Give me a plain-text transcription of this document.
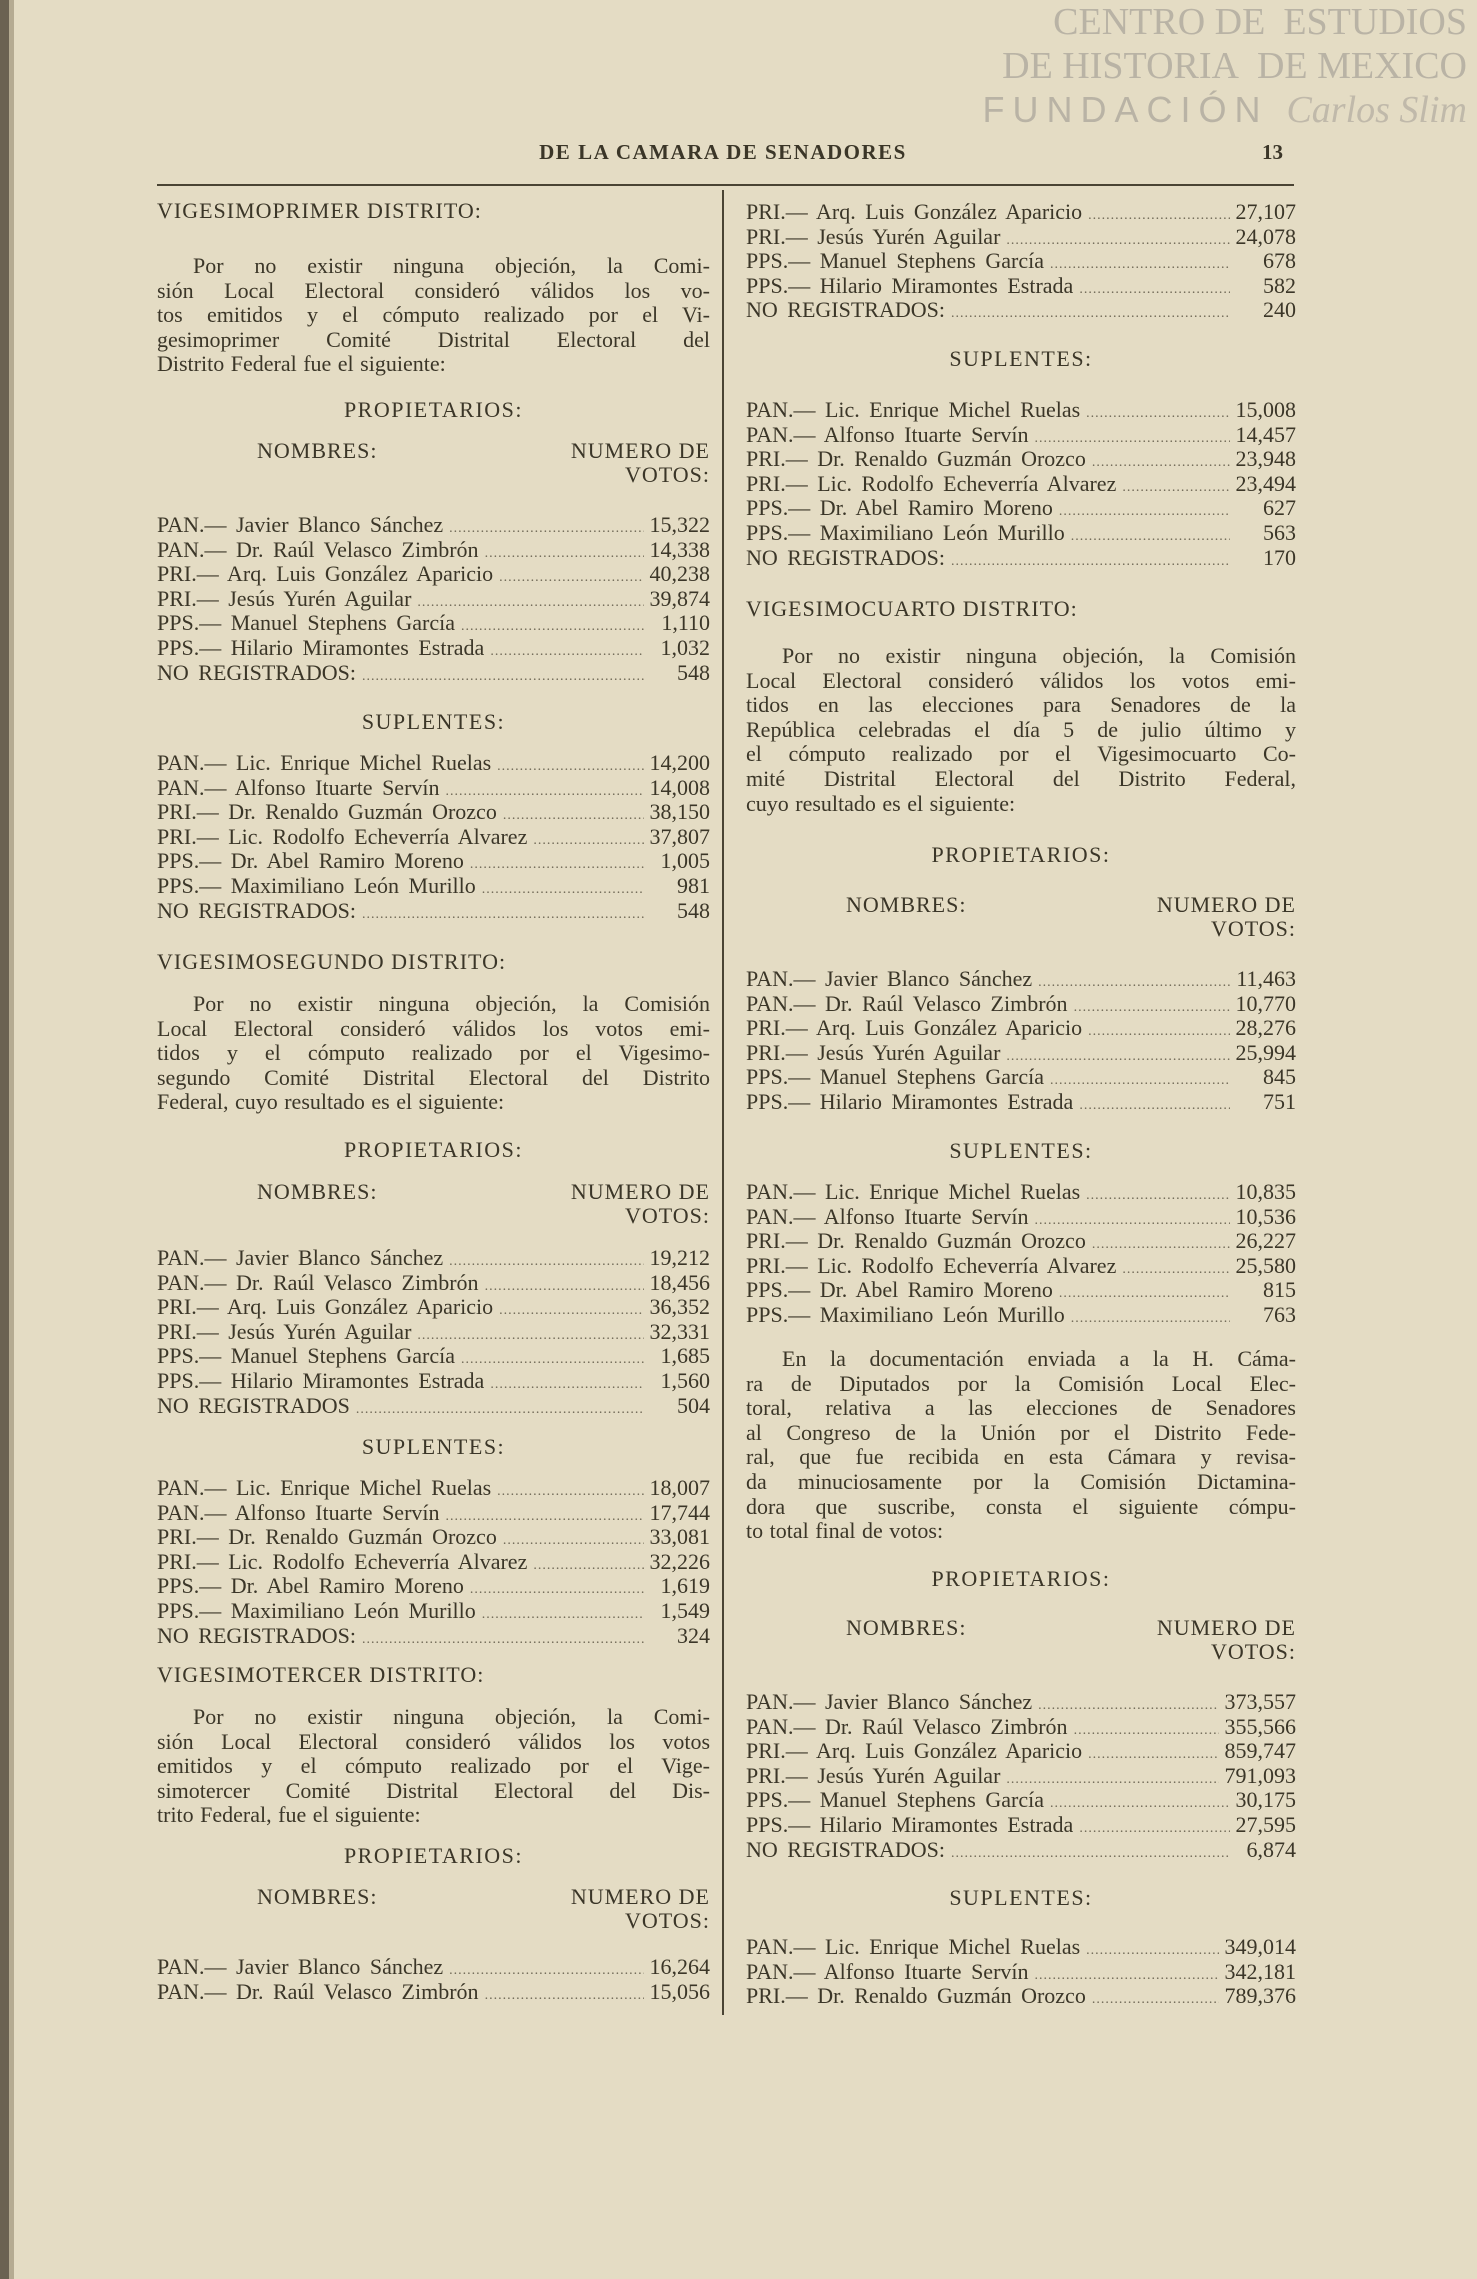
CENTRO DE ESTUDIOS
DE HISTORIA DE MEXICO
FUNDACIÓN Carlos Slim
DE LA CAMARA DE SENADORES	13
VIGESIMOPRIMER DISTRITO:
Por no existir ninguna objeción, la Comi-
sión Local Electoral consideró válidos los vo-
tos emitidos y el cómputo realizado por el Vi-
gesimoprimer Comité Distrital Electoral del
Distrito Federal fue el siguiente:
PROPIETARIOS:
NOMBRES:	NUMERO DE
VOTOS:
PAN.— Javier Blanco Sánchez .....	15,322
PAN.— Dr. Raúl Velasco Zimbrón .....	14,338
PRI.— Arq. Luis González Aparicio .....	40,238
PRI.— Jesús Yurén Aguilar .....	39,874
PPS.— Manuel Stephens García .....	1,110
PPS.— Hilario Miramontes Estrada .....	1,032
NO REGISTRADOS: .....	548
SUPLENTES:
PAN.— Lic. Enrique Michel Ruelas .....	14,200
PAN.— Alfonso Ituarte Servín .....	14,008
PRI.— Dr. Renaldo Guzmán Orozco .....	38,150
PRI.— Lic. Rodolfo Echeverría Alvarez .....	37,807
PPS.— Dr. Abel Ramiro Moreno .....	1,005
PPS.— Maximiliano León Murillo .....	981
NO REGISTRADOS: .....	548
VIGESIMOSEGUNDO DISTRITO:
Por no existir ninguna objeción, la Comisión
Local Electoral consideró válidos los votos emi-
tidos y el cómputo realizado por el Vigesimo-
segundo Comité Distrital Electoral del Distrito
Federal, cuyo resultado es el siguiente:
PROPIETARIOS:
NOMBRES:	NUMERO DE
VOTOS:
PAN.— Javier Blanco Sánchez .....	19,212
PAN.— Dr. Raúl Velasco Zimbrón .....	18,456
PRI.— Arq. Luis González Aparicio .....	36,352
PRI.— Jesús Yurén Aguilar .....	32,331
PPS.— Manuel Stephens García .....	1,685
PPS.— Hilario Miramontes Estrada .....	1,560
NO REGISTRADOS .....	504
SUPLENTES:
PAN.— Lic. Enrique Michel Ruelas .....	18,007
PAN.— Alfonso Ituarte Servín .....	17,744
PRI.— Dr. Renaldo Guzmán Orozco .....	33,081
PRI.— Lic. Rodolfo Echeverría Alvarez .....	32,226
PPS.— Dr. Abel Ramiro Moreno .....	1,619
PPS.— Maximiliano León Murillo .....	1,549
NO REGISTRADOS: .....	324
VIGESIMOTERCER DISTRITO:
Por no existir ninguna objeción, la Comi-
sión Local Electoral consideró válidos los votos
emitidos y el cómputo realizado por el Vige-
simotercer Comité Distrital Electoral del Dis-
trito Federal, fue el siguiente:
PROPIETARIOS:
NOMBRES:	NUMERO DE
VOTOS:
PAN.— Javier Blanco Sánchez .....	16,264
PAN.— Dr. Raúl Velasco Zimbrón .....	15,056
PRI.— Arq. Luis González Aparicio .....	27,107
PRI.— Jesús Yurén Aguilar .....	24,078
PPS.— Manuel Stephens García .....	678
PPS.— Hilario Miramontes Estrada .....	582
NO REGISTRADOS: .....	240
SUPLENTES:
PAN.— Lic. Enrique Michel Ruelas .....	15,008
PAN.— Alfonso Ituarte Servín .....	14,457
PRI.— Dr. Renaldo Guzmán Orozco .....	23,948
PRI.— Lic. Rodolfo Echeverría Alvarez .....	23,494
PPS.— Dr. Abel Ramiro Moreno .....	627
PPS.— Maximiliano León Murillo .....	563
NO REGISTRADOS: .....	170
VIGESIMOCUARTO DISTRITO:
Por no existir ninguna objeción, la Comisión
Local Electoral consideró válidos los votos emi-
tidos en las elecciones para Senadores de la
República celebradas el día 5 de julio último y
el cómputo realizado por el Vigesimocuarto Co-
mité Distrital Electoral del Distrito Federal,
cuyo resultado es el siguiente:
PROPIETARIOS:
NOMBRES:	NUMERO DE
VOTOS:
PAN.— Javier Blanco Sánchez .....	11,463
PAN.— Dr. Raúl Velasco Zimbrón .....	10,770
PRI.— Arq. Luis González Aparicio .....	28,276
PRI.— Jesús Yurén Aguilar .....	25,994
PPS.— Manuel Stephens García .....	845
PPS.— Hilario Miramontes Estrada .....	751
SUPLENTES:
PAN.— Lic. Enrique Michel Ruelas .....	10,835
PAN.— Alfonso Ituarte Servín .....	10,536
PRI.— Dr. Renaldo Guzmán Orozco .....	26,227
PRI.— Lic. Rodolfo Echeverría Alvarez .....	25,580
PPS.— Dr. Abel Ramiro Moreno .....	815
PPS.— Maximiliano León Murillo .....	763
En la documentación enviada a la H. Cáma-
ra de Diputados por la Comisión Local Elec-
toral, relativa a las elecciones de Senadores
al Congreso de la Unión por el Distrito Fede-
ral, que fue recibida en esta Cámara y revisa-
da minuciosamente por la Comisión Dictamina-
dora que suscribe, consta el siguiente cómpu-
to total final de votos:
PROPIETARIOS:
NOMBRES:	NUMERO DE
VOTOS:
PAN.— Javier Blanco Sánchez .....	373,557
PAN.— Dr. Raúl Velasco Zimbrón .....	355,566
PRI.— Arq. Luis González Aparicio .....	859,747
PRI.— Jesús Yurén Aguilar .....	791,093
PPS.— Manuel Stephens García .....	30,175
PPS.— Hilario Miramontes Estrada .....	27,595
NO REGISTRADOS: .....	6,874
SUPLENTES:
PAN.— Lic. Enrique Michel Ruelas .....	349,014
PAN.— Alfonso Ituarte Servín .....	342,181
PRI.— Dr. Renaldo Guzmán Orozco .....	789,376
